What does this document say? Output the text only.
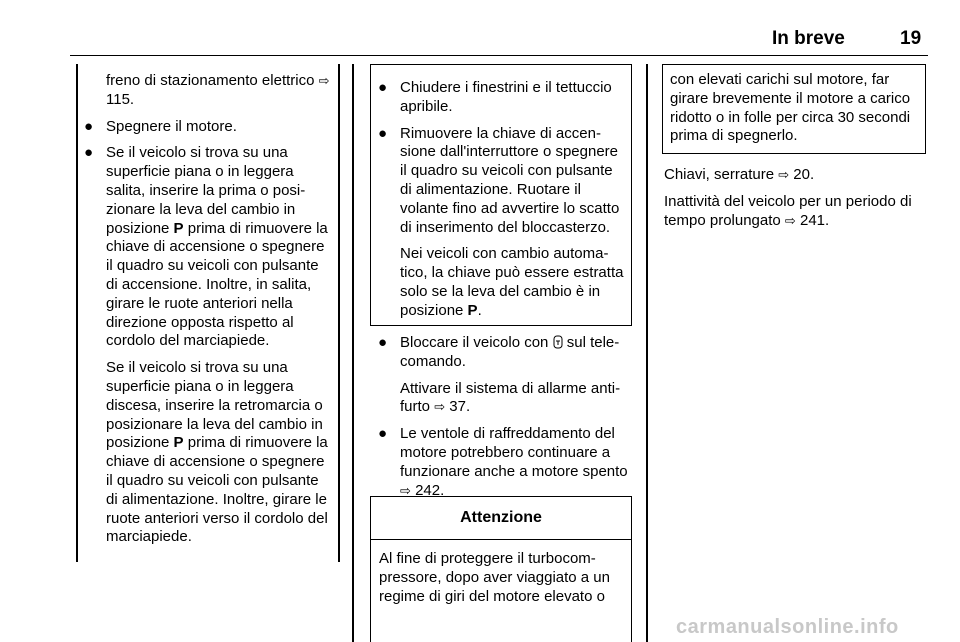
In breve	19

freno di stazionamento elettrico ⇨ 115.

● Spegnere il motore.
● Se il veicolo si trova su una superficie piana o in leggera salita, inserire la prima o posizionare la leva del cambio in posizione P prima di rimuovere la chiave di accensione o spegnere il quadro su veicoli con pulsante di accensione. Inoltre, in salita, girare le ruote anteriori nella direzione opposta rispetto al cordolo del marciapiede.

Se il veicolo si trova su una superficie piana o in leggera discesa, inserire la retromarcia o posizionare la leva del cambio in posizione P prima di rimuovere la chiave di accensione o spegnere il quadro su veicoli con pulsante di alimentazione. Inoltre, girare le ruote anteriori verso il cordolo del marciapiede.

● Chiudere i finestrini e il tettuccio apribile.
● Rimuovere la chiave di accensione dall'interruttore o spegnere il quadro su veicoli con pulsante di alimentazione. Ruotare il volante fino ad avvertire lo scatto di inserimento del bloccasterzo.

Nei veicoli con cambio automatico, la chiave può essere estratta solo se la leva del cambio è in posizione P.

● Bloccare il veicolo con  sul telecomando.

Attivare il sistema di allarme antifurto ⇨ 37.

● Le ventole di raffreddamento del motore potrebbero continuare a funzionare anche a motore spento ⇨ 242.
Attenzione
Al fine di proteggere il turbocompressore, dopo aver viaggiato a un regime di giri del motore elevato o
con elevati carichi sul motore, far girare brevemente il motore a carico ridotto o in folle per circa 30 secondi prima di spegnerlo.

Chiavi, serrature ⇨ 20.

Inattività del veicolo per un periodo di tempo prolungato ⇨ 241.

carmanualsonline.info
